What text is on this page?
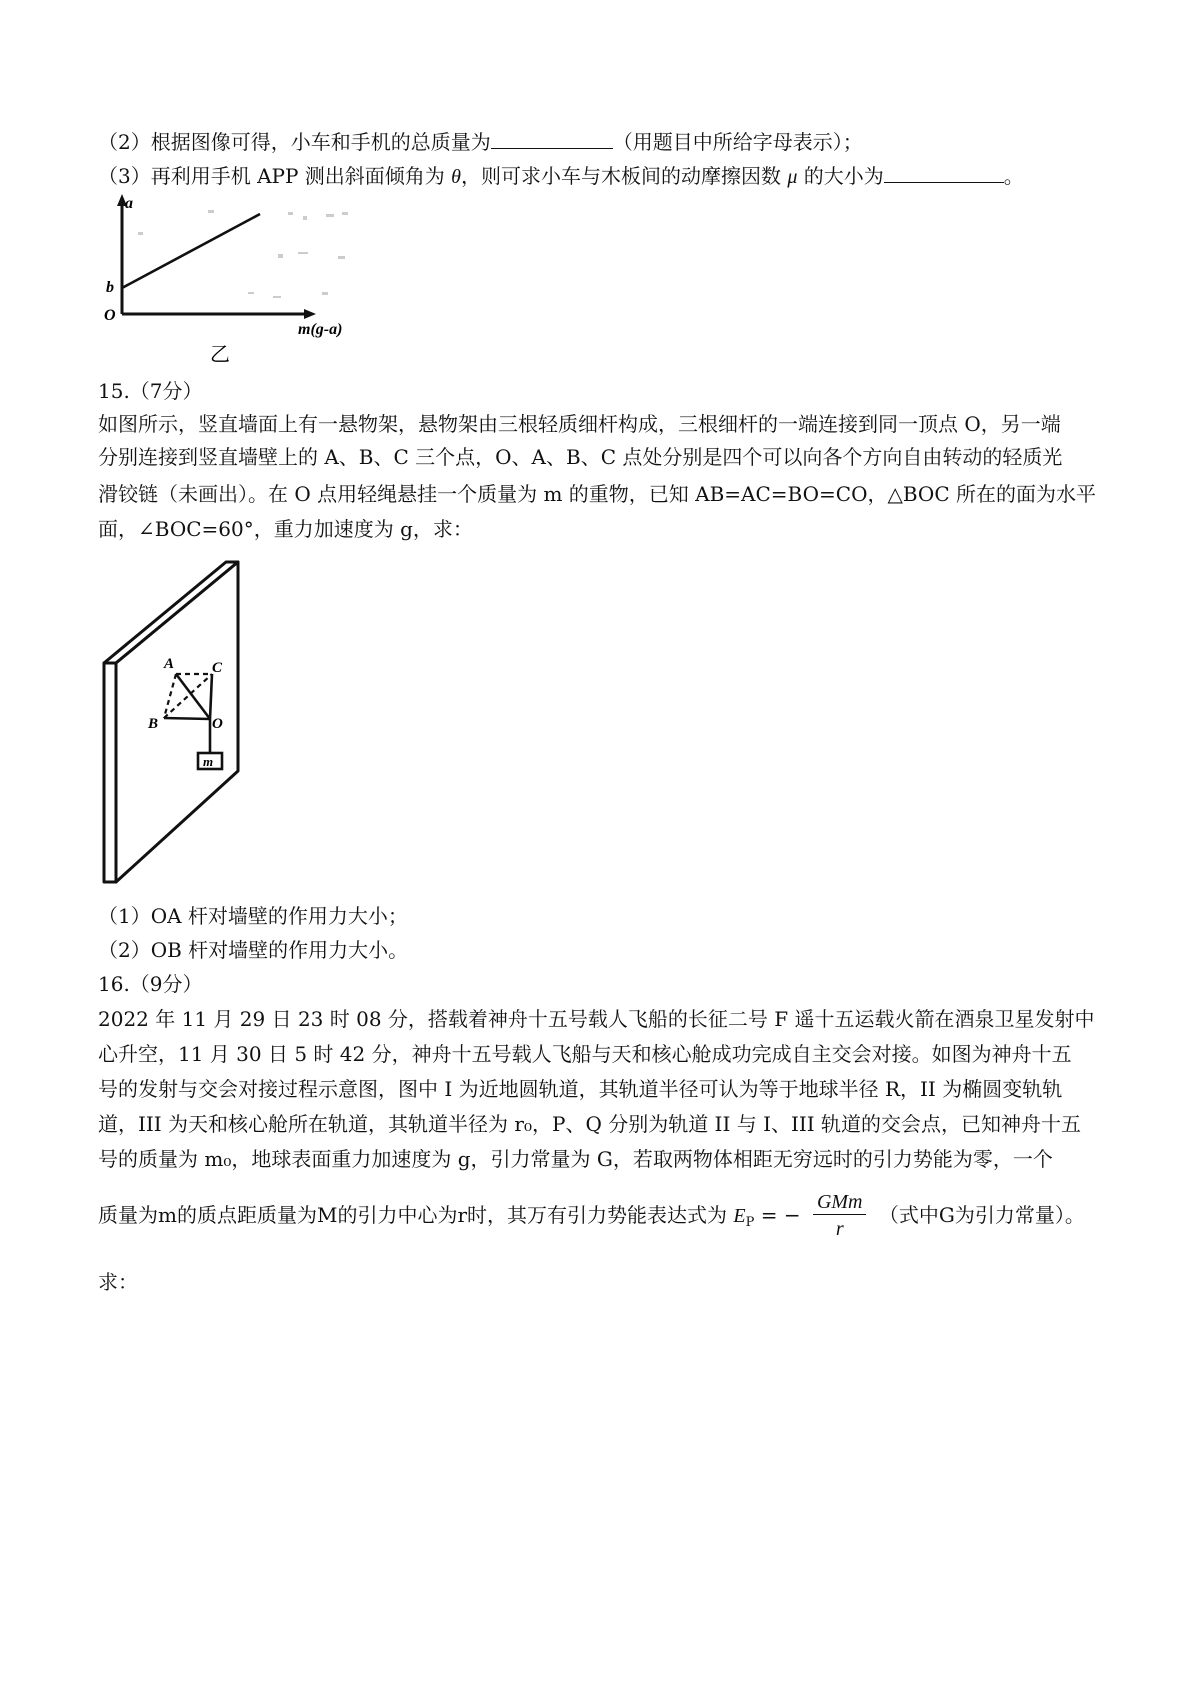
（2）根据图像可得，小车和手机的总质量为	（用题目中所给字母表示）；
（3）再利用手机 APP 测出斜面倾角为 θ，则可求小车与木板间的动摩擦因数 μ 的大小为	。
a
b
O
m(g-a)
乙
15.（7分）
如图所示，竖直墙面上有一悬物架，悬物架由三根轻质细杆构成，三根细杆的一端连接到同一顶点 O，另一端
分别连接到竖直墙壁上的 A、B、C 三个点，O、A、B、C 点处分别是四个可以向各个方向自由转动的轻质光
滑铰链（未画出）。在 O 点用轻绳悬挂一个质量为 m 的重物，已知 AB=AC=BO=CO，△BOC 所在的面为水平
面，∠BOC=60°，重力加速度为 g，求：
A	C
B	O
m
（1）OA 杆对墙壁的作用力大小；
（2）OB 杆对墙壁的作用力大小。
16.（9分）
2022 年 11 月 29 日 23 时 08 分，搭载着神舟十五号载人飞船的长征二号 F 遥十五运载火箭在酒泉卫星发射中
心升空，11 月 30 日 5 时 42 分，神舟十五号载人飞船与天和核心舱成功完成自主交会对接。如图为神舟十五
号的发射与交会对接过程示意图，图中 I 为近地圆轨道，其轨道半径可认为等于地球半径 R，II 为椭圆变轨轨
道，III 为天和核心舱所在轨道，其轨道半径为 r₀，P、Q 分别为轨道 II 与 I、III 轨道的交会点，已知神舟十五
号的质量为 m₀，地球表面重力加速度为 g，引力常量为 G，若取两物体相距无穷远时的引力势能为零，一个
质量为m的质点距质量为M的引力中心为r时，其万有引力势能表达式为 $E_P$ = − $\frac{\text{GMm}}{r}$ （式中G为引力常量）。
求：
